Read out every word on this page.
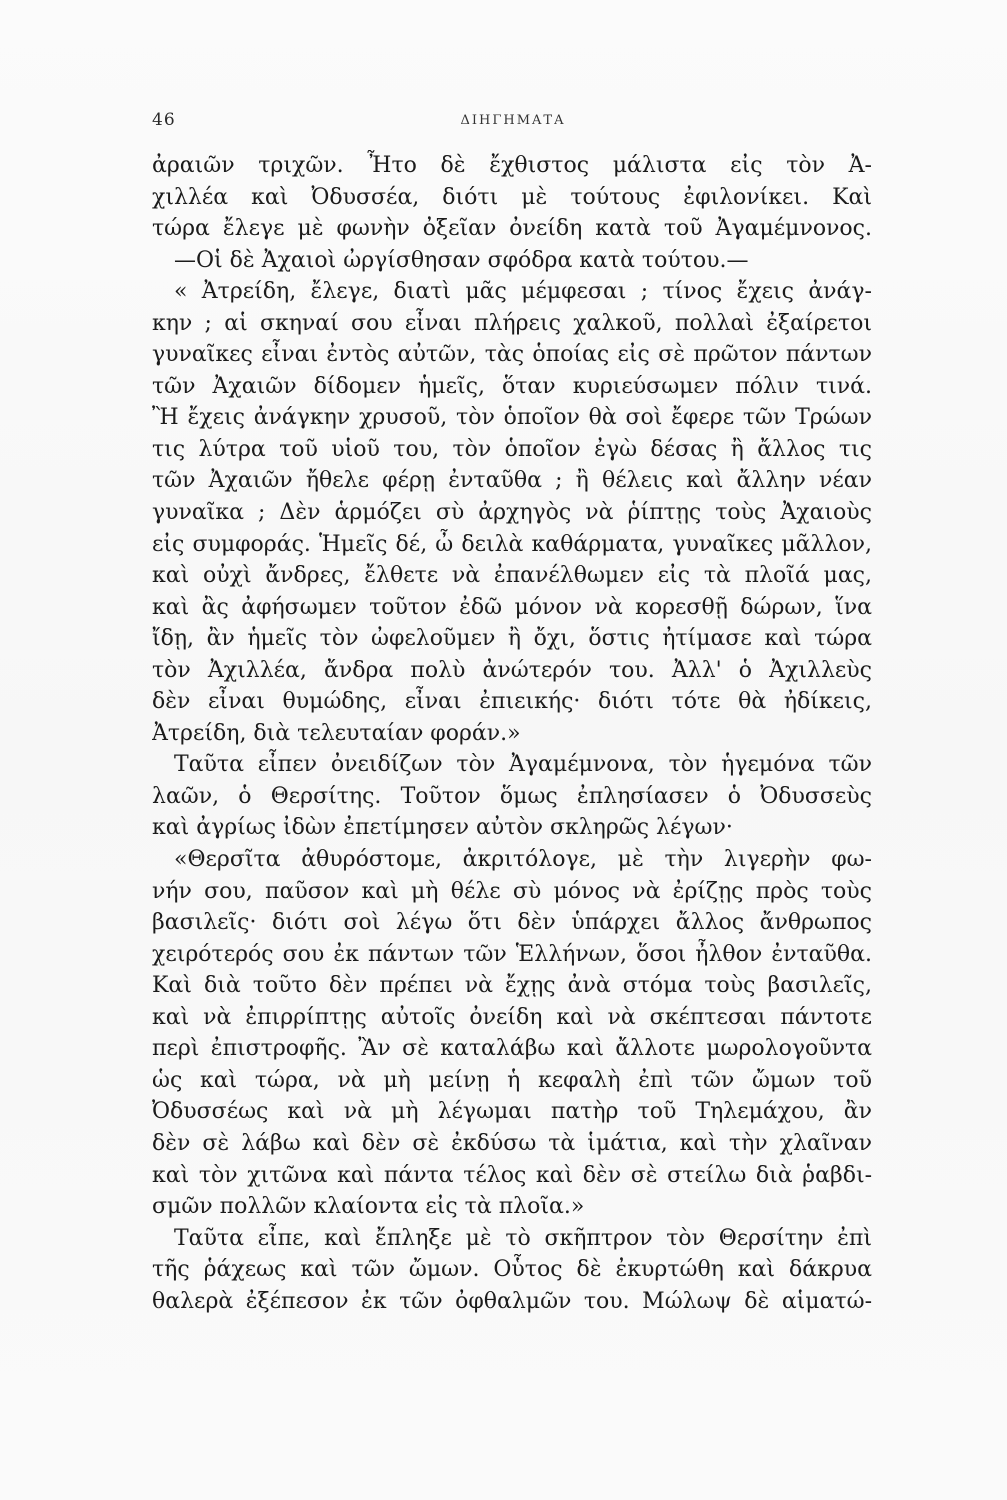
46	ΔΙΗΓΗΜΑΤΑ
ἀραιῶν τριχῶν. Ἦτο δὲ ἔχθιστος μάλιστα εἰς τὸν Ἀ-
χιλλέα καὶ Ὀδυσσέα, διότι μὲ τούτους ἐφιλονίκει. Καὶ
τώρα ἔλεγε μὲ φωνὴν ὀξεῖαν ὀνείδη κατὰ τοῦ Ἀγαμέμνονος.
—Οἱ δὲ Ἀχαιοὶ ὠργίσθησαν σφόδρα κατὰ τούτου.—
« Ἀτρείδη, ἔλεγε, διατὶ μᾶς μέμφεσαι ; τίνος ἔχεις ἀνάγ-
κην ; αἱ σκηναί σου εἶναι πλήρεις χαλκοῦ, πολλαὶ ἐξαίρετοι
γυναῖκες εἶναι ἐντὸς αὐτῶν, τὰς ὁποίας εἰς σὲ πρῶτον πάντων
τῶν Ἀχαιῶν δίδομεν ἡμεῖς, ὅταν κυριεύσωμεν πόλιν τινά.
Ἢ ἔχεις ἀνάγκην χρυσοῦ, τὸν ὁποῖον θὰ σοὶ ἔφερε τῶν Τρώων
τις λύτρα τοῦ υἱοῦ του, τὸν ὁποῖον ἐγὼ δέσας ἢ ἄλλος τις
τῶν Ἀχαιῶν ἤθελε φέρῃ ἐνταῦθα ; ἢ θέλεις καὶ ἄλλην νέαν
γυναῖκα ; Δὲν ἁρμόζει σὺ ἀρχηγὸς νὰ ῥίπτῃς τοὺς Ἀχαιοὺς
εἰς συμφοράς. Ἡμεῖς δέ, ὦ δειλὰ καθάρματα, γυναῖκες μᾶλλον,
καὶ οὐχὶ ἄνδρες, ἔλθετε νὰ ἐπανέλθωμεν εἰς τὰ πλοῖά μας,
καὶ ἂς ἀφήσωμεν τοῦτον ἐδῶ μόνον νὰ κορεσθῇ δώρων, ἵνα
ἴδῃ, ἂν ἡμεῖς τὸν ὠφελοῦμεν ἢ ὄχι, ὅστις ἠτίμασε καὶ τώρα
τὸν Ἀχιλλέα, ἄνδρα πολὺ ἀνώτερόν του. Ἀλλ' ὁ Ἀχιλλεὺς
δὲν εἶναι θυμώδης, εἶναι ἐπιεικής· διότι τότε θὰ ἠδίκεις,
Ἀτρείδη, διὰ τελευταίαν φοράν.»
Ταῦτα εἶπεν ὀνειδίζων τὸν Ἀγαμέμνονα, τὸν ἡγεμόνα τῶν
λαῶν, ὁ Θερσίτης. Τοῦτον ὅμως ἐπλησίασεν ὁ Ὀδυσσεὺς
καὶ ἀγρίως ἰδὼν ἐπετίμησεν αὐτὸν σκληρῶς λέγων·
«Θερσῖτα ἀθυρόστομε, ἀκριτόλογε, μὲ τὴν λιγερὴν φω-
νήν σου, παῦσον καὶ μὴ θέλε σὺ μόνος νὰ ἐρίζῃς πρὸς τοὺς
βασιλεῖς· διότι σοὶ λέγω ὅτι δὲν ὑπάρχει ἄλλος ἄνθρωπος
χειρότερός σου ἐκ πάντων τῶν Ἑλλήνων, ὅσοι ἦλθον ἐνταῦθα.
Καὶ διὰ τοῦτο δὲν πρέπει νὰ ἔχῃς ἀνὰ στόμα τοὺς βασιλεῖς,
καὶ νὰ ἐπιρρίπτῃς αὐτοῖς ὀνείδη καὶ νὰ σκέπτεσαι πάντοτε
περὶ ἐπιστροφῆς. Ἂν σὲ καταλάβω καὶ ἄλλοτε μωρολογοῦντα
ὡς καὶ τώρα, νὰ μὴ μείνῃ ἡ κεφαλὴ ἐπὶ τῶν ὤμων τοῦ
Ὀδυσσέως καὶ νὰ μὴ λέγωμαι πατὴρ τοῦ Τηλεμάχου, ἂν
δὲν σὲ λάβω καὶ δὲν σὲ ἐκδύσω τὰ ἱμάτια, καὶ τὴν χλαῖναν
καὶ τὸν χιτῶνα καὶ πάντα τέλος καὶ δὲν σὲ στείλω διὰ ῥαβδι-
σμῶν πολλῶν κλαίοντα εἰς τὰ πλοῖα.»
Ταῦτα εἶπε, καὶ ἔπληξε μὲ τὸ σκῆπτρον τὸν Θερσίτην ἐπὶ
τῆς ῥάχεως καὶ τῶν ὤμων. Οὗτος δὲ ἐκυρτώθη καὶ δάκρυα
θαλερὰ ἐξέπεσον ἐκ τῶν ὀφθαλμῶν του. Μώλωψ δὲ αἱματώ-
